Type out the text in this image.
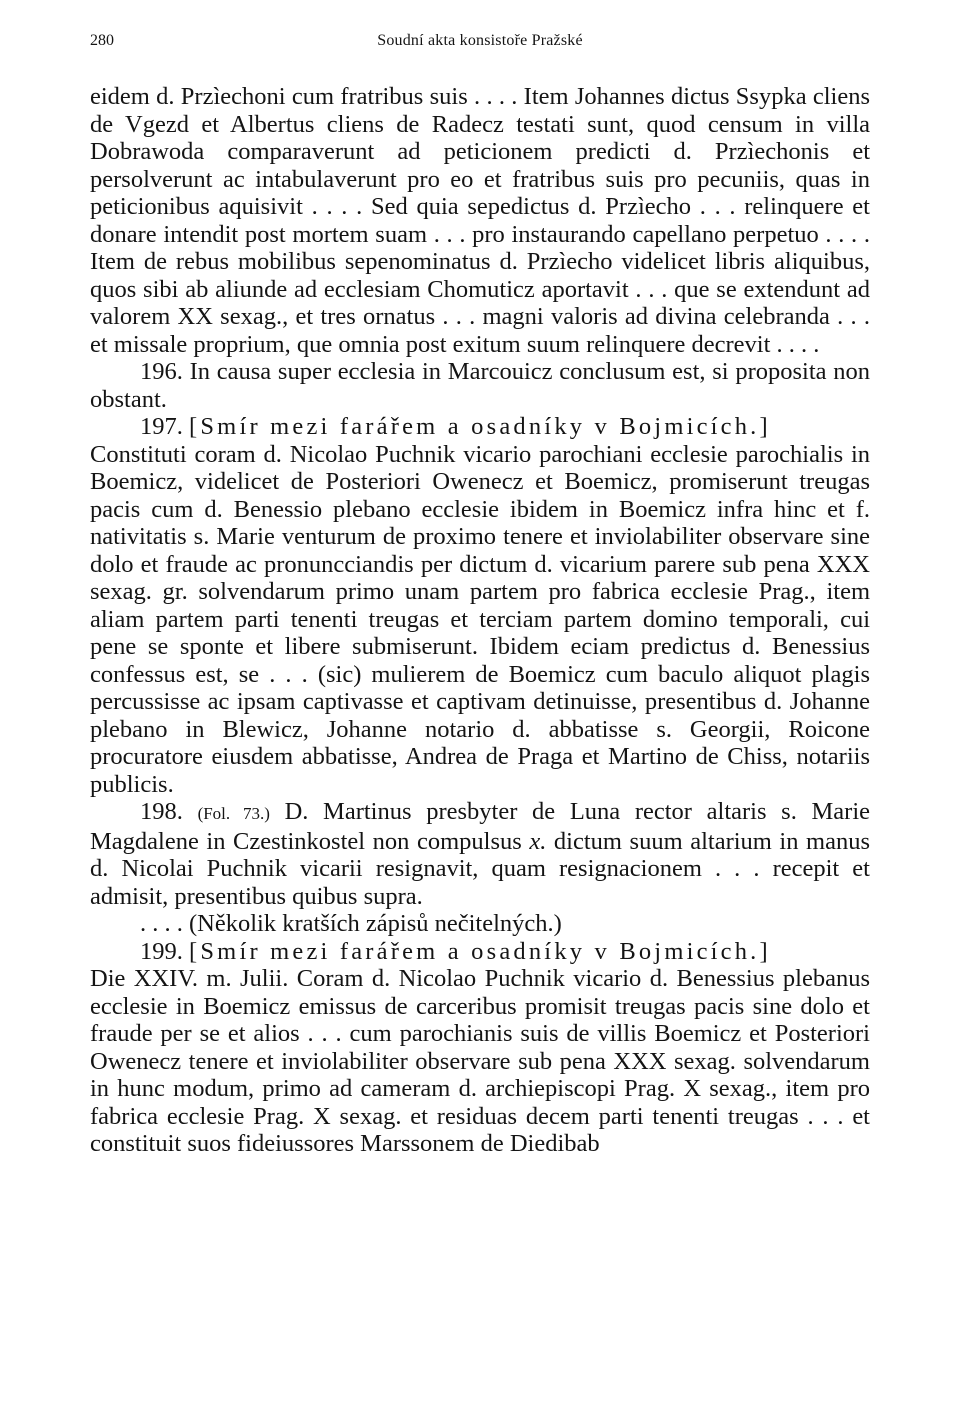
280	Soudní akta konsistoře Pražské

eidem d. Przìechoni cum fratribus suis . . . . Item Johannes dictus Ssypka cliens de Vgezd et Albertus cliens de Radecz testati sunt, quod censum in villa Dobrawoda comparaverunt ad peticionem predicti d. Przìechonis et persolverunt ac intabulaverunt pro eo et fratribus suis pro pecuniis, quas in peticionibus aquisivit . . . . Sed quia sepedictus d. Przìecho . . . relinquere et donare intendit post mortem suam . . . pro instaurando capellano perpetuo . . . . Item de rebus mobilibus sepenominatus d. Przìecho videlicet libris aliquibus, quos sibi ab aliunde ad ecclesiam Chomuticz aportavit . . . que se extendunt ad valorem XX sexag., et tres ornatus . . . magni valoris ad divina celebranda . . . et missale proprium, que omnia post exitum suum relinquere decrevit . . . .

196. In causa super ecclesia in Marcouicz conclusum est, si proposita non obstant.

197. [Smír mezi farářem a osadníky v Bojmicích.]

Constituti coram d. Nicolao Puchnik vicario parochiani ecclesie parochialis in Boemicz, videlicet de Posteriori Owenecz et Boemicz, promiserunt treugas pacis cum d. Benessio plebano ecclesie ibidem in Boemicz infra hinc et f. nativitatis s. Marie venturum de proximo tenere et inviolabiliter observare sine dolo et fraude ac pronuncciandis per dictum d. vicarium parere sub pena XXX sexag. gr. solvendarum primo unam partem pro fabrica ecclesie Prag., item aliam partem parti tenenti treugas et terciam partem domino temporali, cui pene se sponte et libere submiserunt. Ibidem eciam predictus d. Benessius confessus est, se . . . (sic) mulierem de Boemicz cum baculo aliquot plagis percussisse ac ipsam captivasse et captivam detinuisse, presentibus d. Johanne plebano in Blewicz, Johanne notario d. abbatisse s. Georgii, Roicone procuratore eiusdem abbatisse, Andrea de Praga et Martino de Chiss, notariis publicis.

198. (Fol. 73.) D. Martinus presbyter de Luna rector altaris s. Marie Magdalene in Czestinkostel non compulsus x. dictum suum altarium in manus d. Nicolai Puchnik vicarii resignavit, quam resignacionem . . . recepit et admisit, presentibus quibus supra.

. . . . (Několik kratších zápisů nečitelných.)

199. [Smír mezi farářem a osadníky v Bojmicích.]

Die XXIV. m. Julii. Coram d. Nicolao Puchnik vicario d. Benessius plebanus ecclesie in Boemicz emissus de carceribus promisit treugas pacis sine dolo et fraude per se et alios . . . cum parochianis suis de villis Boemicz et Posteriori Owenecz tenere et inviolabiliter observare sub pena XXX sexag. solvendarum in hunc modum, primo ad cameram d. archiepiscopi Prag. X sexag., item pro fabrica ecclesie Prag. X sexag. et residuas decem parti tenenti treugas . . . et constituit suos fideiussores Marssonem de Diedibab
